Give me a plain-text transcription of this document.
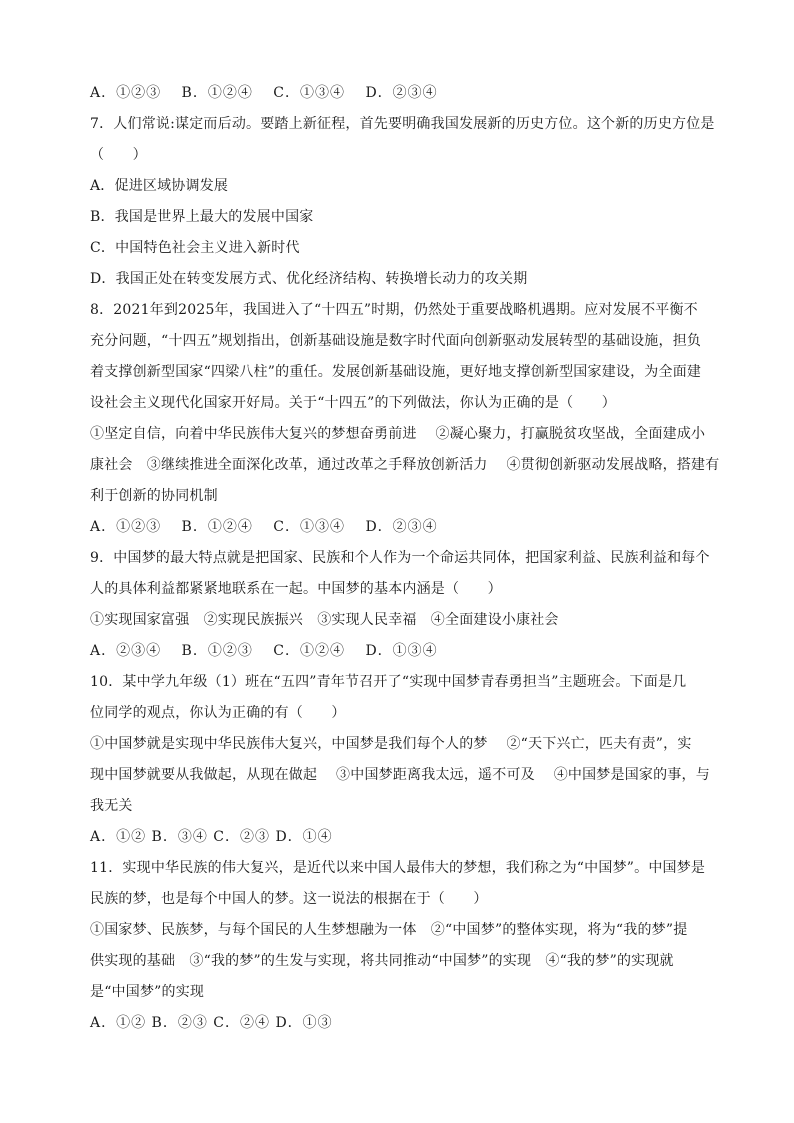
A．①②③　 B．①②④　 C．①③④　 D．②③④
7．人们常说:谋定而后动。要踏上新征程，首先要明确我国发展新的历史方位。这个新的历史方位是
（　　）
A．促进区域协调发展
B．我国是世界上最大的发展中国家
C．中国特色社会主义进入新时代
D．我国正处在转变发展方式、优化经济结构、转换增长动力的攻关期
8．2021年到2025年，我国进入了“十四五”时期，仍然处于重要战略机遇期。应对发展不平衡不
充分问题，“十四五”规划指出，创新基础设施是数字时代面向创新驱动发展转型的基础设施，担负
着支撑创新型国家“四梁八柱”的重任。发展创新基础设施，更好地支撑创新型国家建设，为全面建
设社会主义现代化国家开好局。关于“十四五”的下列做法，你认为正确的是（　　）
①坚定自信，向着中华民族伟大复兴的梦想奋勇前进　 ②凝心聚力，打赢脱贫攻坚战，全面建成小
康社会　③继续推进全面深化改革，通过改革之手释放创新活力　 ④贯彻创新驱动发展战略，搭建有
利于创新的协同机制
A．①②③　 B．①②④　 C．①③④　 D．②③④
9．中国梦的最大特点就是把国家、民族和个人作为一个命运共同体，把国家利益、民族利益和每个
人的具体利益都紧紧地联系在一起。中国梦的基本内涵是（　　）
①实现国家富强　②实现民族振兴　③实现人民幸福　④全面建设小康社会
A．②③④　 B．①②③　 C．①②④　 D．①③④
10．某中学九年级（1）班在“五四”青年节召开了“实现中国梦青春勇担当”主题班会。下面是几
位同学的观点，你认为正确的有（　　）
①中国梦就是实现中华民族伟大复兴，中国梦是我们每个人的梦　 ②“天下兴亡，匹夫有责”，实
现中国梦就要从我做起，从现在做起　 ③中国梦距离我太远，遥不可及　 ④中国梦是国家的事，与
我无关
A．①② B．③④ C．②③ D．①④
11．实现中华民族的伟大复兴，是近代以来中国人最伟大的梦想，我们称之为“中国梦”。中国梦是
民族的梦，也是每个中国人的梦。这一说法的根据在于（　　）
①国家梦、民族梦，与每个国民的人生梦想融为一体　②“中国梦”的整体实现，将为“我的梦”提
供实现的基础　③“我的梦”的生发与实现，将共同推动“中国梦”的实现　④“我的梦”的实现就
是“中国梦”的实现
A．①② B．②③ C．②④ D．①③
